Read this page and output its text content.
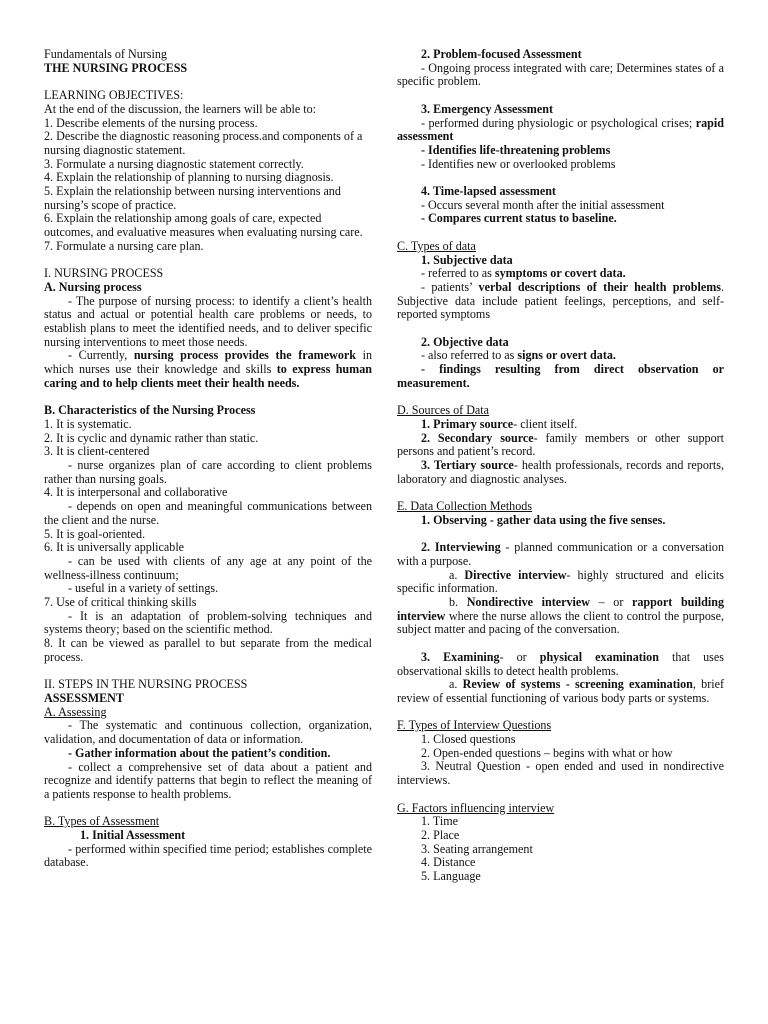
Fundamentals of Nursing

THE NURSING PROCESS

LEARNING OBJECTIVES:

At the end of the discussion, the learners will be able to:

1. Describe elements of the nursing process.

2. Describe the diagnostic reasoning process.and components of a nursing diagnostic statement.

3. Formulate a nursing diagnostic statement correctly.

4. Explain the relationship of planning to nursing diagnosis.

5. Explain the relationship between nursing interventions and nursing’s scope of practice.

6. Explain the relationship among goals of care, expected outcomes, and evaluative measures when evaluating nursing care.

7. Formulate a nursing care plan.

I. NURSING PROCESS

A. Nursing process

- The purpose of nursing process: to identify a client’s health status and actual or potential health care problems or needs, to establish plans to meet the identified needs, and to deliver specific nursing interventions to meet those needs.

- Currently, nursing process provides the framework in which nurses use their knowledge and skills to express human caring and to help clients meet their health needs.

B. Characteristics of the Nursing Process

1. It is systematic.

2. It is cyclic and dynamic rather than static.

3. It is client-centered

- nurse organizes plan of care according to client problems rather than nursing goals.

4. It is interpersonal and collaborative

- depends on open and meaningful communications between the client and the nurse.

5. It is goal-oriented.

6. It is universally applicable

- can be used with clients of any age at any point of the wellness-illness continuum;

- useful in a variety of settings.

7. Use of critical thinking skills

- It is an adaptation of problem-solving techniques and systems theory; based on the scientific method.

8. It can be viewed as parallel to but separate from the medical process.

II. STEPS IN THE NURSING PROCESS

ASSESSMENT

A. Assessing

- The systematic and continuous collection, organization, validation, and documentation of data or information.

- Gather information about the patient’s condition.

- collect a comprehensive set of data about a patient and recognize and identify patterns that begin to reflect the meaning of a patients response to health problems.

B. Types of Assessment

1. Initial Assessment

- performed within specified time period; establishes complete database.

2. Problem-focused Assessment

- Ongoing process integrated with care; Determines states of a specific problem.

3. Emergency Assessment

- performed during physiologic or psychological crises; rapid assessment

- Identifies life-threatening problems

- Identifies new or overlooked problems

4. Time-lapsed assessment

- Occurs several month after the initial assessment

- Compares current status to baseline.

C. Types of data

1. Subjective data

- referred to as symptoms or covert data.

- patients’ verbal descriptions of their health problems. Subjective data include patient feelings, perceptions, and self-reported symptoms

2. Objective data

- also referred to as signs or overt data.

- findings resulting from direct observation or measurement.

D. Sources of Data

1. Primary source- client itself.

2. Secondary source- family members or other support persons and patient’s record.

3. Tertiary source- health professionals, records and reports, laboratory and diagnostic analyses.

E. Data Collection Methods

1. Observing - gather data using the five senses.

2. Interviewing - planned communication or a conversation with a purpose.

a. Directive interview- highly structured and elicits specific information.

b. Nondirective interview – or rapport building interview where the nurse allows the client to control the purpose, subject matter and pacing of the conversation.

3. Examining- or physical examination that uses observational skills to detect health problems.

a. Review of systems - screening examination, brief review of essential functioning of various body parts or systems.

F. Types of Interview Questions

1. Closed questions

2. Open-ended questions – begins with what or how

3. Neutral Question - open ended and used in nondirective interviews.

G. Factors influencing interview

1. Time

2. Place

3. Seating arrangement

4. Distance

5. Language
